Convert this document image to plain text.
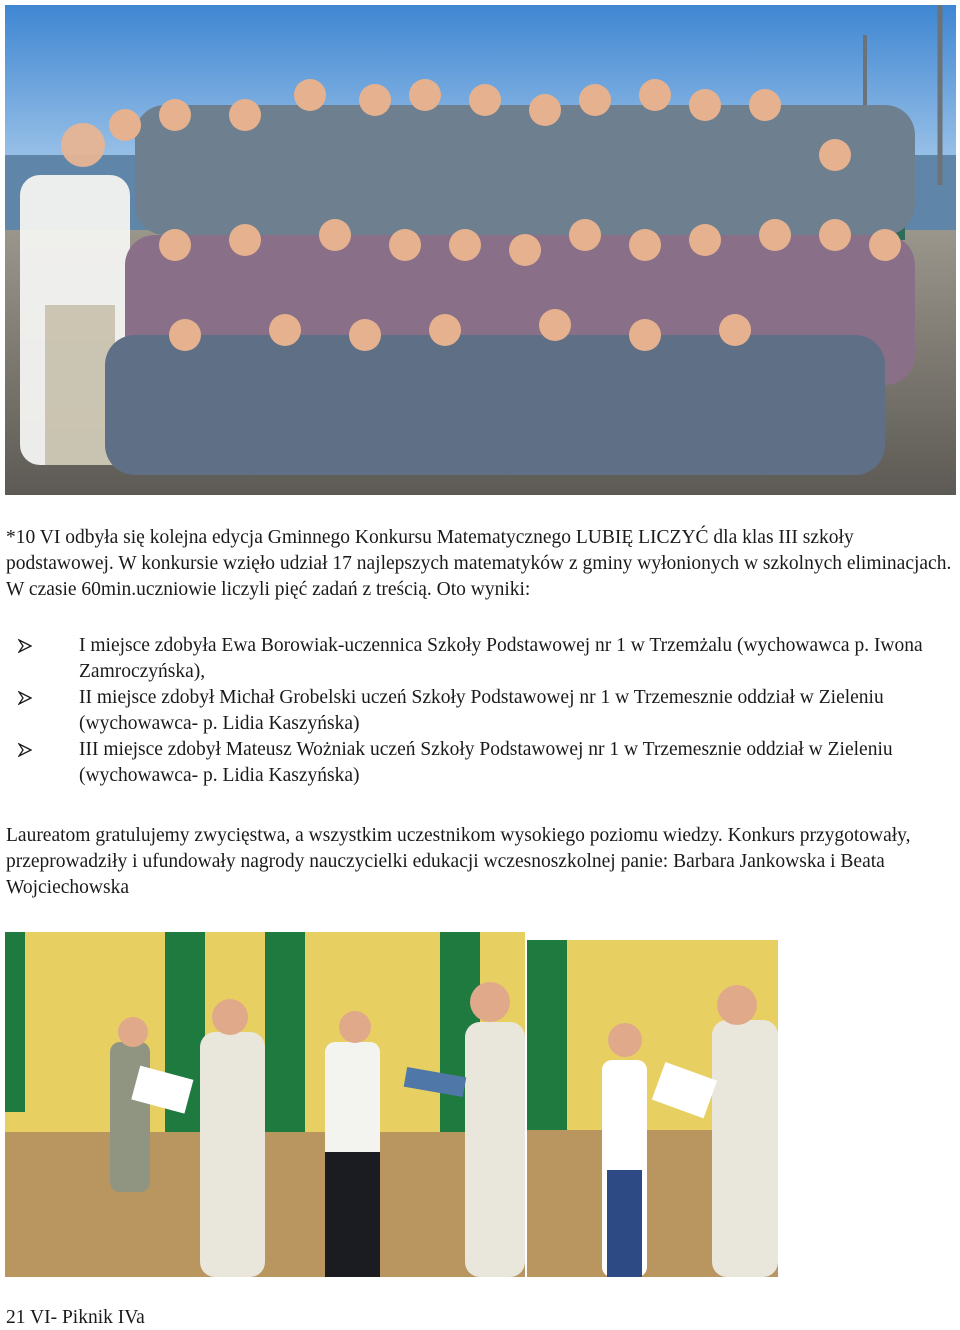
*10 VI odbyła się kolejna edycja Gminnego Konkursu Matematycznego LUBIĘ LICZYĆ dla klas III szkoły podstawowej. W konkursie wzięło udział 17 najlepszych matematyków z gminy wyłonionych w szkolnych eliminacjach. W czasie 60min.uczniowie liczyli pięć zadań z treścią. Oto wyniki:
I miejsce zdobyła Ewa Borowiak-uczennica Szkoły Podstawowej nr 1 w Trzemżalu (wychowawca p. Iwona Zamroczyńska),
II miejsce zdobył Michał Grobelski uczeń Szkoły Podstawowej nr 1 w Trzemesznie oddział w Zieleniu (wychowawca- p. Lidia Kaszyńska)
III miejsce zdobył Mateusz Wożniak uczeń Szkoły Podstawowej nr 1 w Trzemesznie oddział w Zieleniu (wychowawca- p. Lidia Kaszyńska)
Laureatom gratulujemy zwycięstwa, a wszystkim uczestnikom wysokiego poziomu wiedzy. Konkurs przygotowały, przeprowadziły i ufundowały nagrody nauczycielki edukacji wczesnoszkolnej panie: Barbara Jankowska i Beata Wojciechowska
21 VI- Piknik IVa
